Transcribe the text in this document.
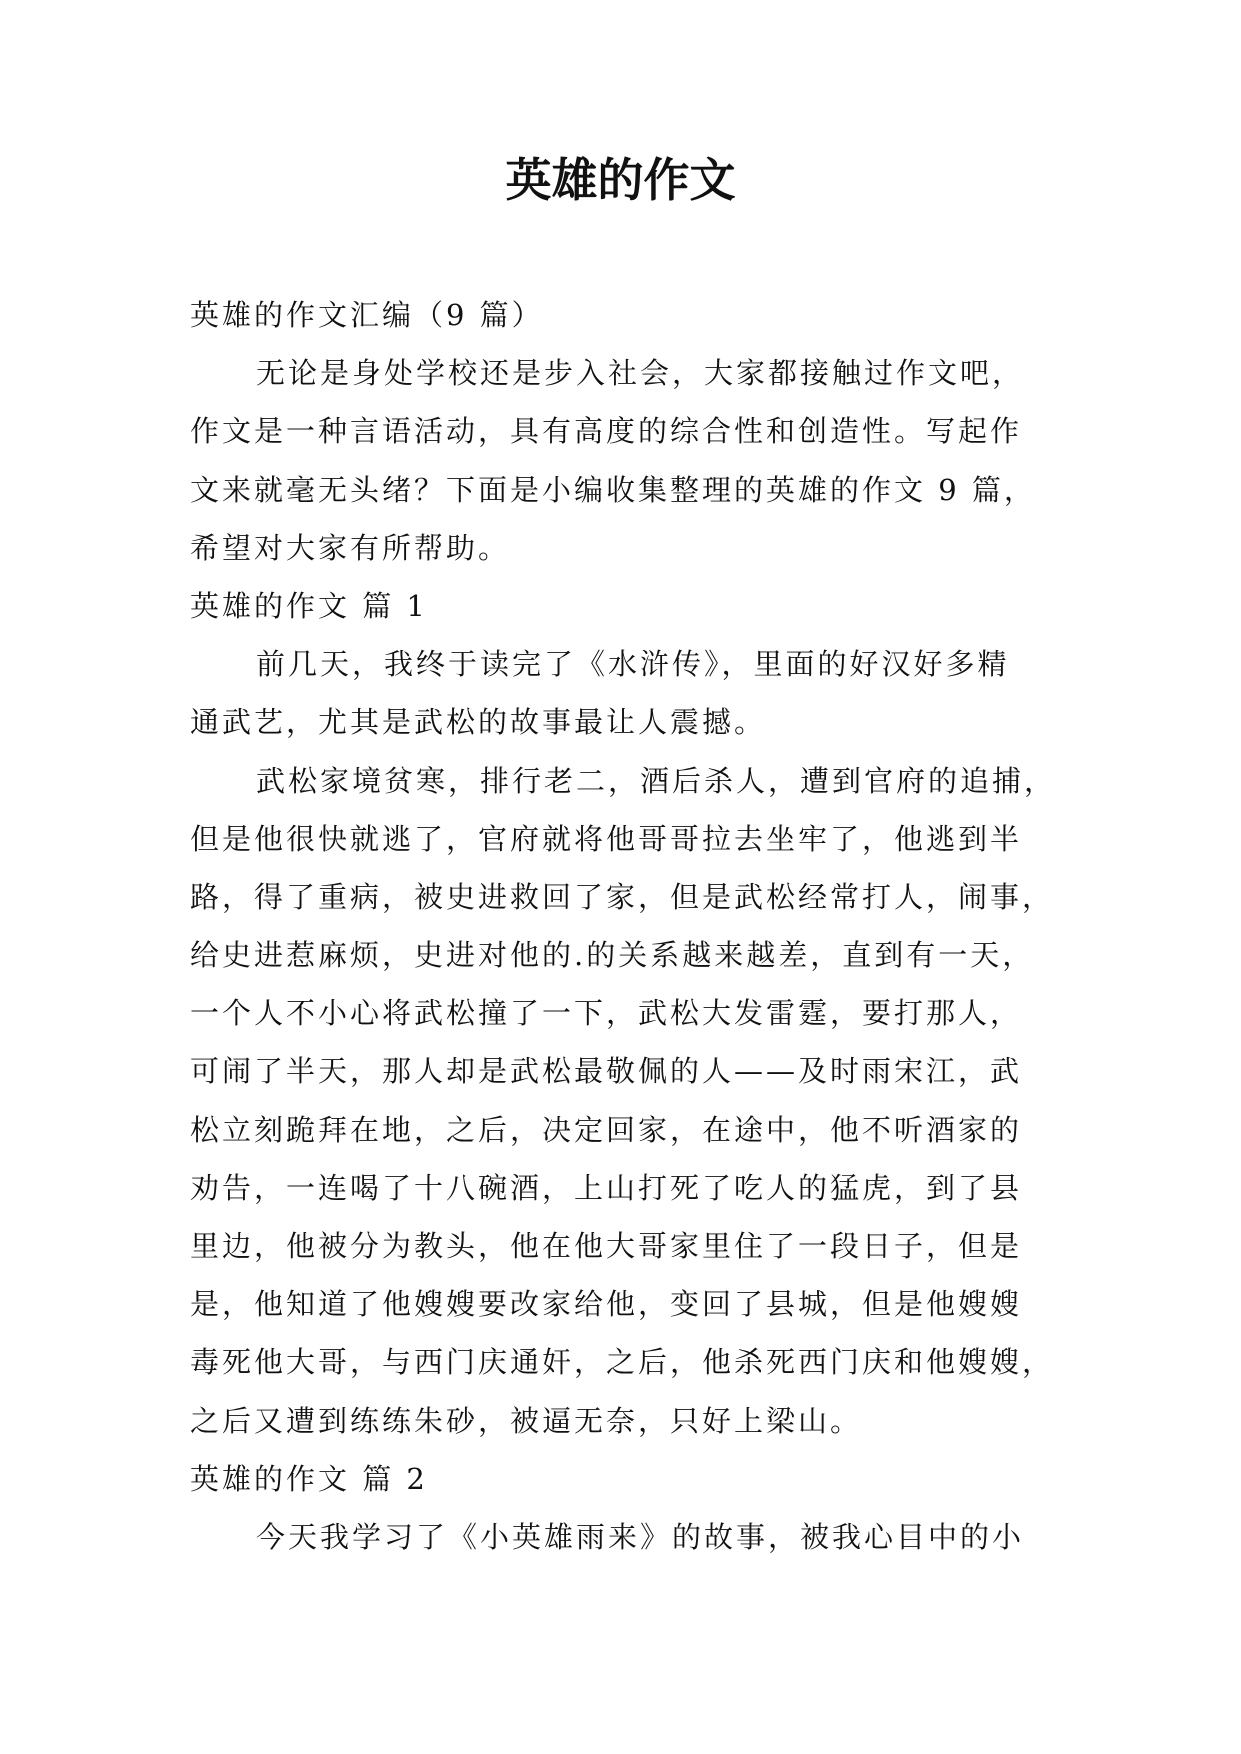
英雄的作文
英雄的作文汇编（9 篇）
无论是身处学校还是步入社会，大家都接触过作文吧，
作文是一种言语活动，具有高度的综合性和创造性。写起作
文来就毫无头绪？下面是小编收集整理的英雄的作文 9 篇，
希望对大家有所帮助。
英雄的作文 篇 1
前几天，我终于读完了《水浒传》，里面的好汉好多精
通武艺，尤其是武松的故事最让人震撼。
武松家境贫寒，排行老二，酒后杀人，遭到官府的追捕，
但是他很快就逃了，官府就将他哥哥拉去坐牢了，他逃到半
路，得了重病，被史进救回了家，但是武松经常打人，闹事，
给史进惹麻烦，史进对他的.的关系越来越差，直到有一天，
一个人不小心将武松撞了一下，武松大发雷霆，要打那人，
可闹了半天，那人却是武松最敬佩的人——及时雨宋江，武
松立刻跪拜在地，之后，决定回家，在途中，他不听酒家的
劝告，一连喝了十八碗酒，上山打死了吃人的猛虎，到了县
里边，他被分为教头，他在他大哥家里住了一段日子，但是
是，他知道了他嫂嫂要改家给他，变回了县城，但是他嫂嫂
毒死他大哥，与西门庆通奸，之后，他杀死西门庆和他嫂嫂，
之后又遭到练练朱砂，被逼无奈，只好上梁山。
英雄的作文 篇 2
今天我学习了《小英雄雨来》的故事，被我心目中的小
